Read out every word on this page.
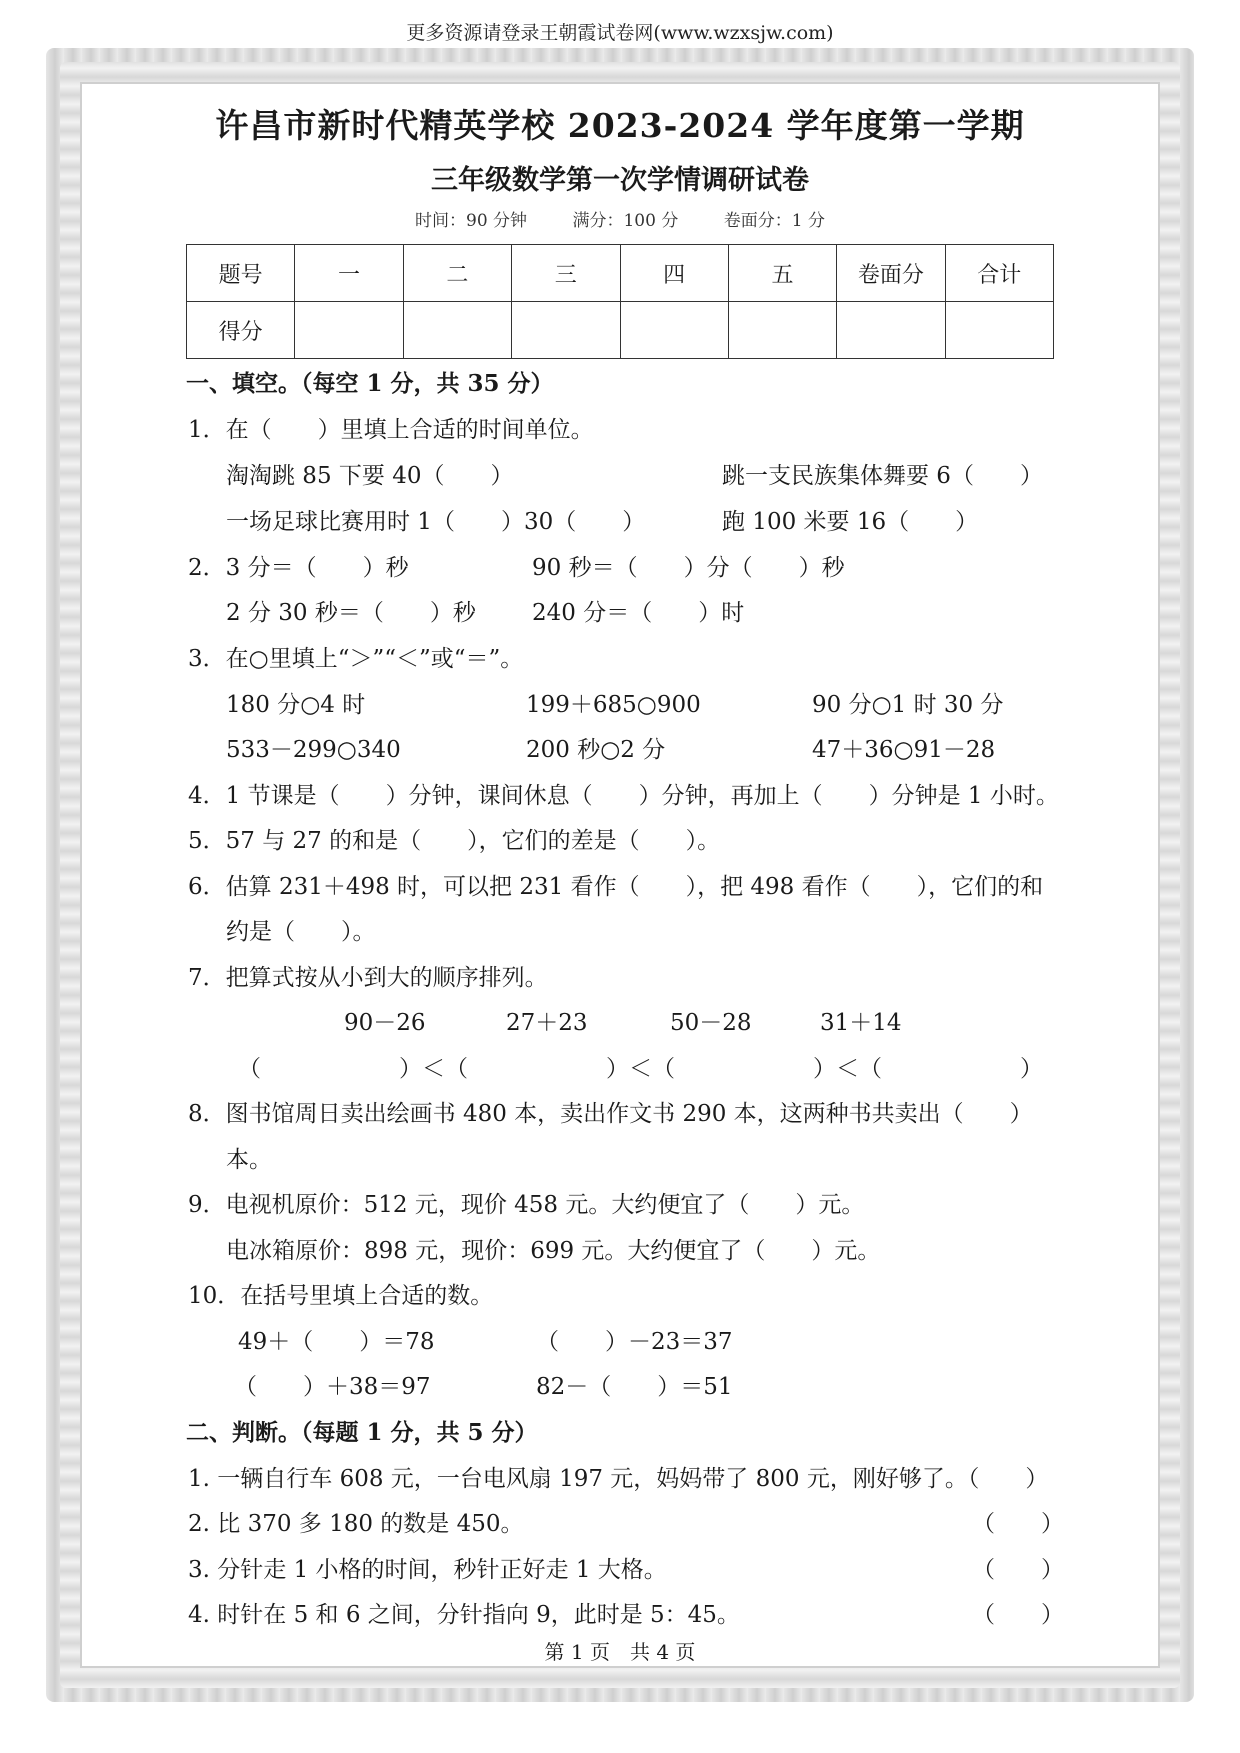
更多资源请登录王朝霞试卷网(www.wzxsjw.com)
许昌市新时代精英学校 2023-2024 学年度第一学期
三年级数学第一次学情调研试卷
时间：90 分钟	满分：100 分	卷面分：1 分
题号	一	二	三	四	五	卷面分	合计
得分							
一、填空。（每空 1 分，共 35 分）
1．在（　　）里填上合适的时间单位。
淘淘跳 85 下要 40（　　）	跳一支民族集体舞要 6（　　）
一场足球比赛用时 1（　　）30（　　）	跑 100 米要 16（　　）
2．3 分＝（　　）秒	90 秒＝（　　）分（　　）秒
2 分 30 秒＝（　　）秒 240 分＝（　　）时
3．在○里填上“＞”“＜”或“＝”。
180 分○4 时	199＋685○900	90 分○1 时 30 分
533－299○340	200 秒○2 分	47＋36○91－28
4．1 节课是（　　）分钟，课间休息（　　）分钟，再加上（　　）分钟是 1 小时。
5．57 与 27 的和是（　　），它们的差是（　　）。
6．估算 231＋498 时，可以把 231 看作（　　），把 498 看作（　　），它们的和
约是（　　）。
7．把算式按从小到大的顺序排列。
90－26	27＋23	50－28	31＋14
（　　　　　　）＜（　　　　　　）＜（　　　　　　）＜（　　　　　　）
8．图书馆周日卖出绘画书 480 本，卖出作文书 290 本，这两种书共卖出（　　）
本。
9．电视机原价：512 元，现价 458 元。大约便宜了（　　）元。
电冰箱原价：898 元，现价：699 元。大约便宜了（　　）元。
10．在括号里填上合适的数。
49＋（　　）＝78	（　　）－23＝37
（　　）＋38＝97	82－（　　）＝51
二、判断。（每题 1 分，共 5 分）
1. 一辆自行车 608 元，一台电风扇 197 元，妈妈带了 800 元，刚好够了。（　　）
2. 比 370 多 180 的数是 450。	（　　）
3. 分针走 1 小格的时间，秒针正好走 1 大格。	（　　）
4. 时针在 5 和 6 之间，分针指向 9，此时是 5：45。	（　　）
第 1 页　共 4 页
